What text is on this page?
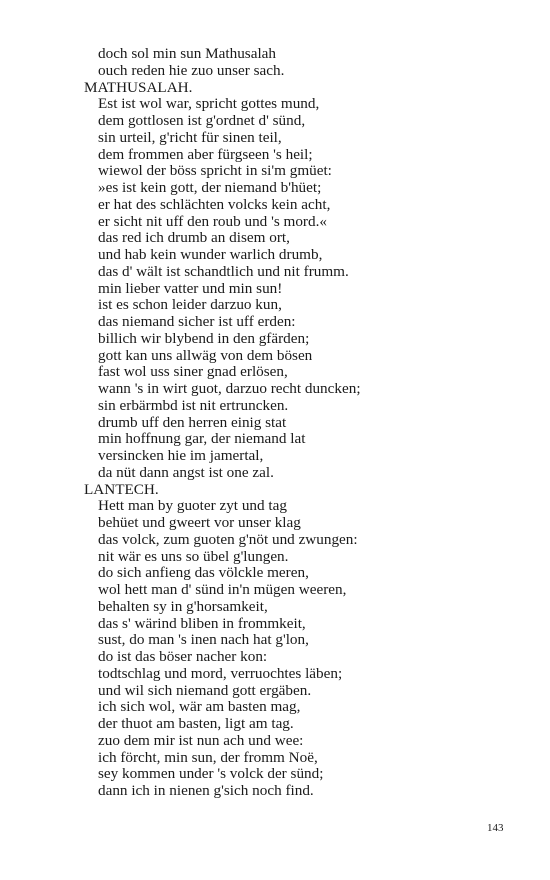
doch sol min sun Mathusalah
ouch reden hie zuo unser sach.
MATHUSALAH.
Est ist wol war, spricht gottes mund,
dem gottlosen ist g'ordnet d' sünd,
sin urteil, g'richt für sinen teil,
dem frommen aber fürgseen 's heil;
wiewol der böss spricht in si'm gmüet:
»es ist kein gott, der niemand b'hüet;
er hat des schlächten volcks kein acht,
er sicht nit uff den roub und 's mord.«
das red ich drumb an disem ort,
und hab kein wunder warlich drumb,
das d' wält ist schandtlich und nit frumm.
min lieber vatter und min sun!
ist es schon leider darzuo kun,
das niemand sicher ist uff erden:
billich wir blybend in den gfärden;
gott kan uns allwäg von dem bösen
fast wol uss siner gnad erlösen,
wann 's in wirt guot, darzuo recht duncken;
sin erbärmbd ist nit ertruncken.
drumb uff den herren einig stat
min hoffnung gar, der niemand lat
versincken hie im jamertal,
da nüt dann angst ist one zal.
LANTECH.
Hett man by guoter zyt und tag
behüet und gweert vor unser klag
das volck, zum guoten g'nöt und zwungen:
nit wär es uns so übel g'lungen.
do sich anfieng das völckle meren,
wol hett man d' sünd in'n mügen weeren,
behalten sy in g'horsamkeit,
das s' wärind bliben in frommkeit,
sust, do man 's inen nach hat g'lon,
do ist das böser nacher kon:
todtschlag und mord, verruochtes läben;
und wil sich niemand gott ergäben.
ich sich wol, wär am basten mag,
der thuot am basten, ligt am tag.
zuo dem mir ist nun ach und wee:
ich förcht, min sun, der fromm Noë,
sey kommen under 's volck der sünd;
dann ich in nienen g'sich noch find.
143
